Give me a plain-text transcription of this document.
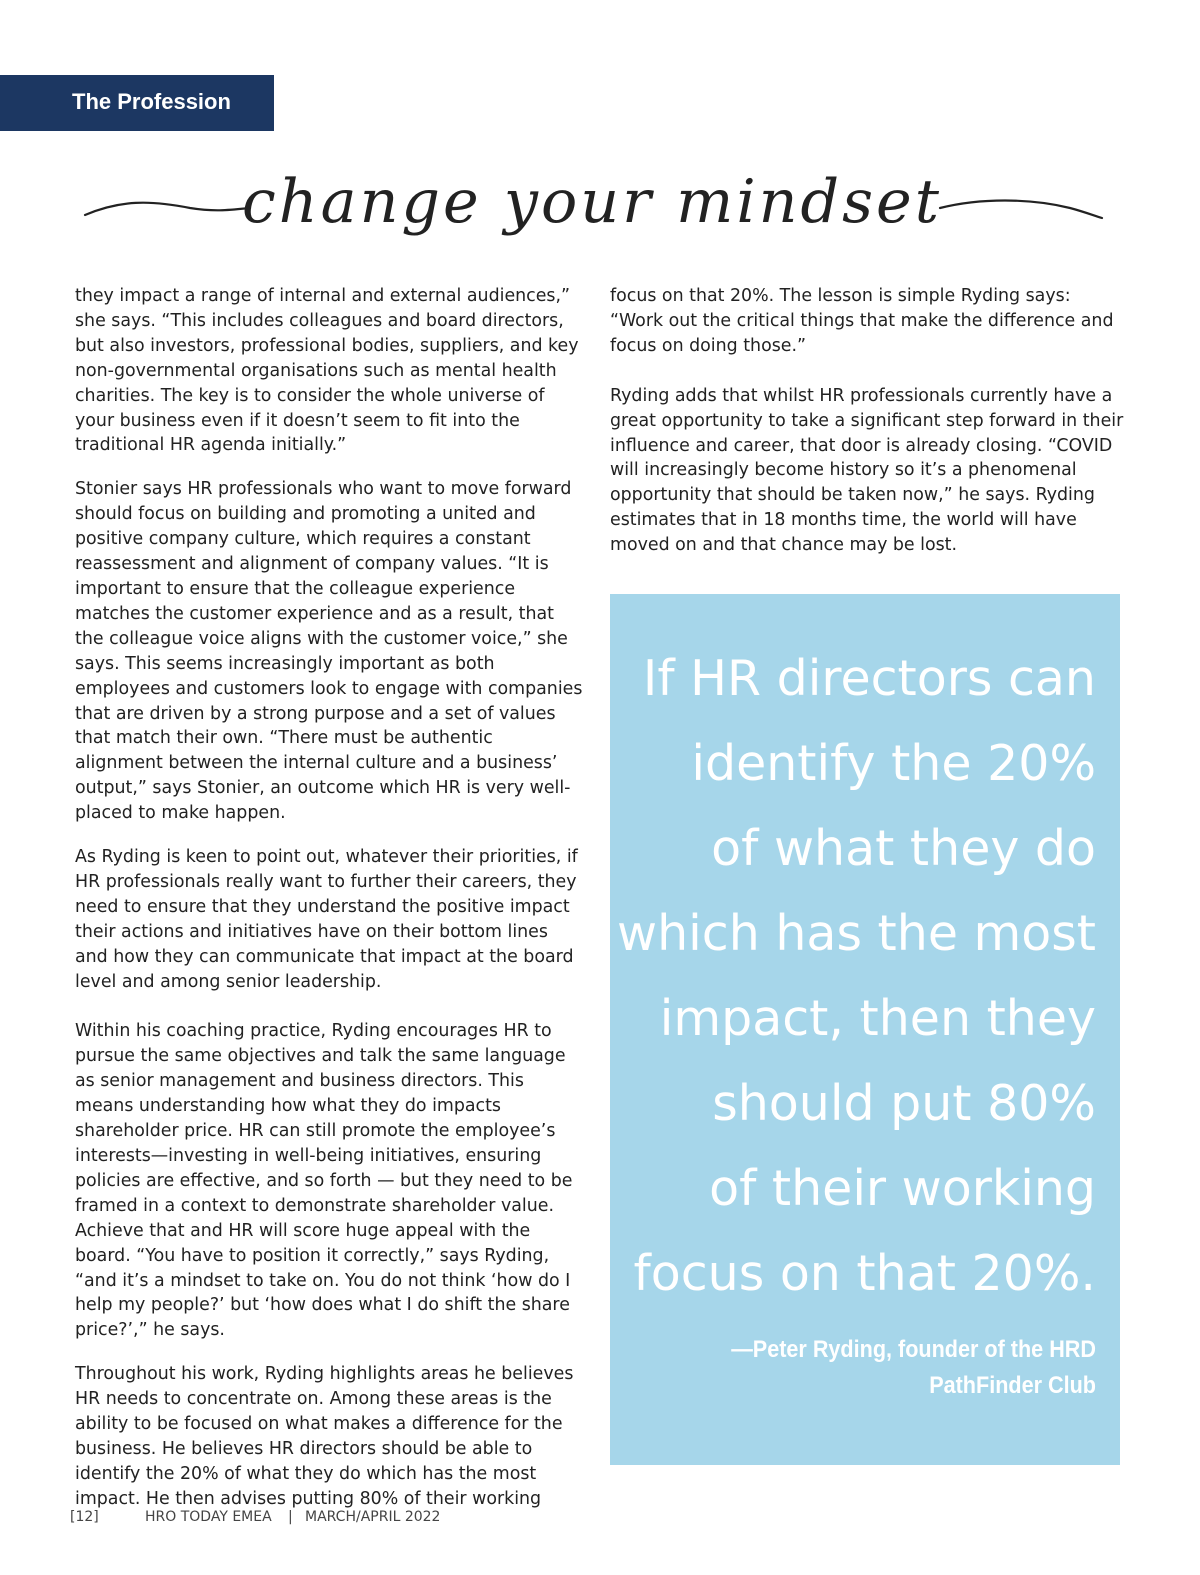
The Profession
change your mindset

they impact a range of internal and external audiences,” she says. “This includes colleagues and board directors, but also investors, professional bodies, suppliers, and key non-governmental organisations such as mental health charities. The key is to consider the whole universe of your business even if it doesn’t seem to fit into the traditional HR agenda initially.”

Stonier says HR professionals who want to move forward should focus on building and promoting a united and positive company culture, which requires a constant reassessment and alignment of company values. “It is important to ensure that the colleague experience matches the customer experience and as a result, that the colleague voice aligns with the customer voice,” she says. This seems increasingly important as both employees and customers look to engage with companies that are driven by a strong purpose and a set of values that match their own. “There must be authentic alignment between the internal culture and a business’ output,” says Stonier, an outcome which HR is very well-placed to make happen.

As Ryding is keen to point out, whatever their priorities, if HR professionals really want to further their careers, they need to ensure that they understand the positive impact their actions and initiatives have on their bottom lines and how they can communicate that impact at the board level and among senior leadership.

Within his coaching practice, Ryding encourages HR to pursue the same objectives and talk the same language as senior management and business directors. This means understanding how what they do impacts shareholder price. HR can still promote the employee’s interests—investing in well-being initiatives, ensuring policies are effective, and so forth — but they need to be framed in a context to demonstrate shareholder value. Achieve that and HR will score huge appeal with the board. “You have to position it correctly,” says Ryding, “and it’s a mindset to take on. You do not think ‘how do I help my people?’ but ‘how does what I do shift the share price?’,” he says.

Throughout his work, Ryding highlights areas he believes HR needs to concentrate on. Among these areas is the ability to be focused on what makes a difference for the business. He believes HR directors should be able to identify the 20% of what they do which has the most impact. He then advises putting 80% of their working

focus on that 20%. The lesson is simple Ryding says: “Work out the critical things that make the difference and focus on doing those.”

Ryding adds that whilst HR professionals currently have a great opportunity to take a significant step forward in their influence and career, that door is already closing. “COVID will increasingly become history so it’s a phenomenal opportunity that should be taken now,” he says. Ryding estimates that in 18 months time, the world will have moved on and that chance may be lost.

If HR directors can
identify the 20%
of what they do
which has the most
impact, then they
should put 80%
of their working
focus on that 20%.
—Peter Ryding, founder of the HRD
PathFinder Club
[12]	HRO TODAY EMEA | MARCH/APRIL 2022
